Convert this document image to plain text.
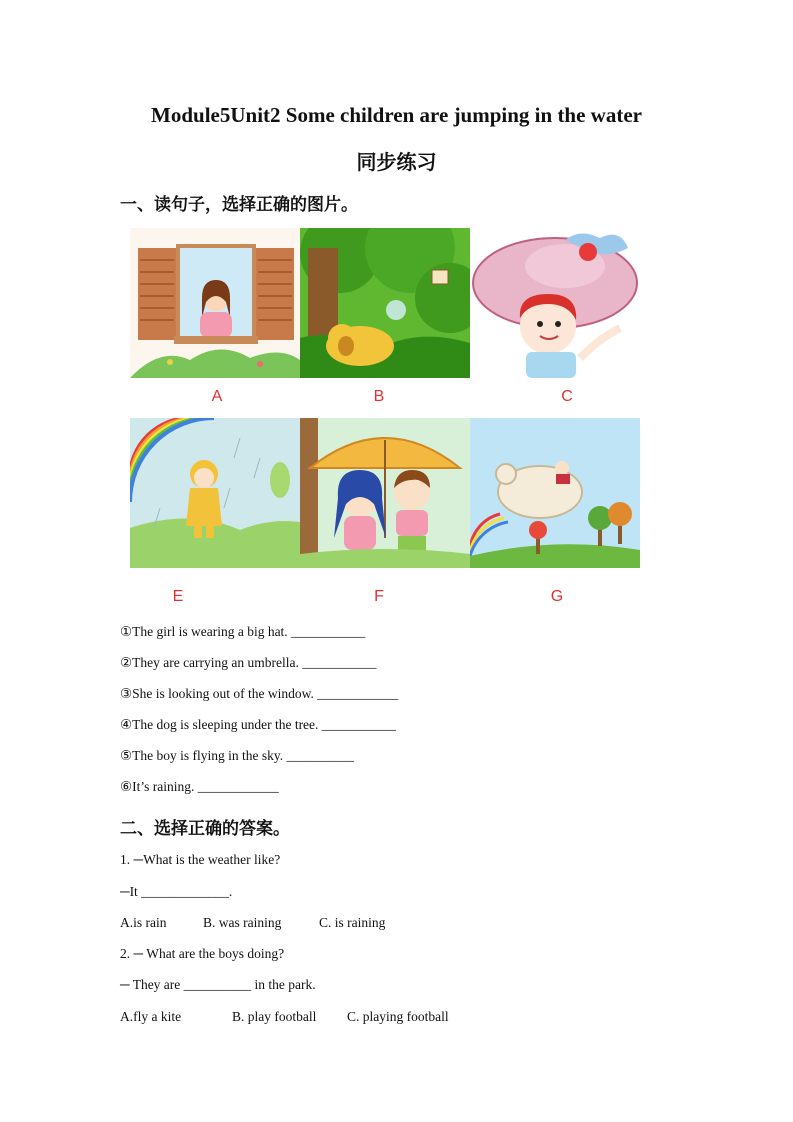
Module5Unit2 Some children are jumping in the water
同步练习
一、读句子，选择正确的图片。
A	B	C
E	F	G
①The girl is wearing a big hat. ___________
②They are carrying an umbrella. ___________
③She is looking out of the window. ____________
④The dog is sleeping under the tree. ___________
⑤The boy is flying in the sky. __________
⑥It’s raining. ____________
二、选择正确的答案。
1. ─What is the weather like?
─It _____________.
A.is rain	B. was raining	C. is raining
2. ─ What are the boys doing?
─ They are __________ in the park.
A.fly a kite	B. play football C. playing football
